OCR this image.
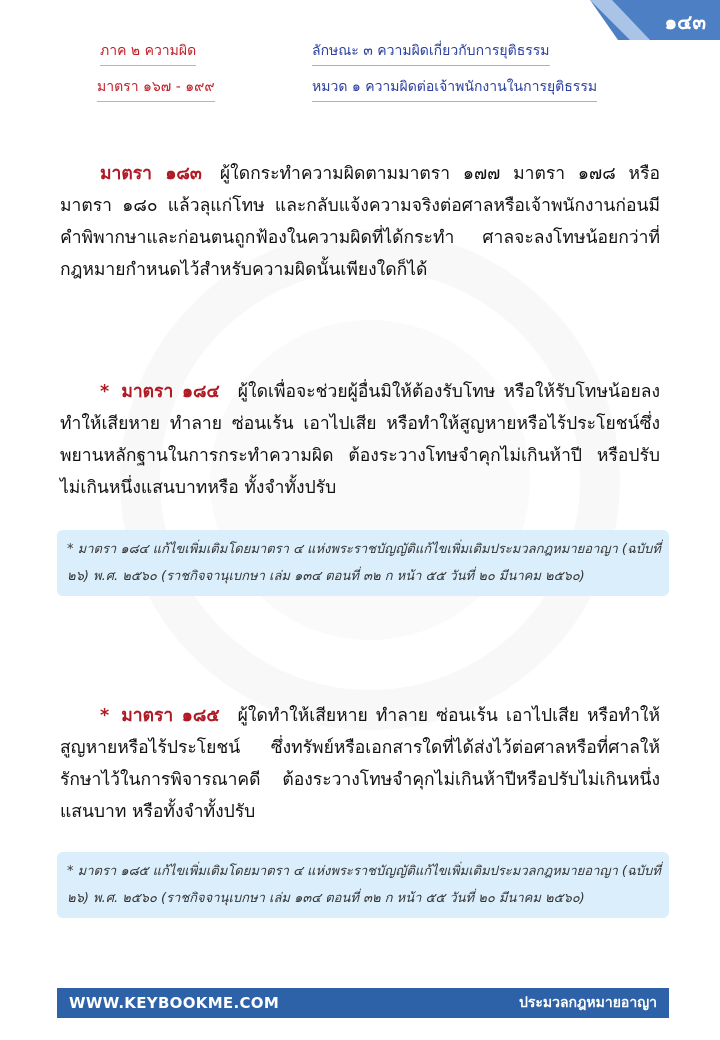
๑๔๓
ภาค ๒ ความผิด	ลักษณะ ๓ ความผิดเกี่ยวกับการยุติธรรม
มาตรา ๑๖๗ - ๑๙๙	หมวด ๑ ความผิดต่อเจ้าพนักงานในการยุติธรรม
มาตรา ๑๘๓ ผู้ใดกระทำความผิดตามมาตรา ๑๗๗ มาตรา ๑๗๘ หรือมาตรา ๑๘๐ แล้วลุแก่โทษ และกลับแจ้งความจริงต่อศาลหรือเจ้าพนักงานก่อนมีคำพิพากษาและก่อนตนถูกฟ้องในความผิดที่ได้กระทำ ศาลจะลงโทษน้อยกว่าที่กฎหมายกำหนดไว้สำหรับความผิดนั้นเพียงใดก็ได้
* มาตรา ๑๘๔ ผู้ใดเพื่อจะช่วยผู้อื่นมิให้ต้องรับโทษ หรือให้รับโทษน้อยลง ทำให้เสียหาย ทำลาย ซ่อนเร้น เอาไปเสีย หรือทำให้สูญหายหรือไร้ประโยชน์ซึ่งพยานหลักฐานในการกระทำความผิด ต้องระวางโทษจำคุกไม่เกินห้าปี หรือปรับไม่เกินหนึ่งแสนบาทหรือ ทั้งจำทั้งปรับ
* มาตรา ๑๘๔ แก้ไขเพิ่มเติมโดยมาตรา ๔ แห่งพระราชบัญญัติแก้ไขเพิ่มเติมประมวลกฎหมายอาญา (ฉบับที่ ๒๖) พ.ศ. ๒๕๖๐ (ราชกิจจานุเบกษา เล่ม ๑๓๔ ตอนที่ ๓๒ ก หน้า ๕๕ วันที่ ๒๐ มีนาคม ๒๕๖๐)
* มาตรา ๑๘๕ ผู้ใดทำให้เสียหาย ทำลาย ซ่อนเร้น เอาไปเสีย หรือทำให้สูญหายหรือไร้ประโยชน์ ซึ่งทรัพย์หรือเอกสารใดที่ได้ส่งไว้ต่อศาลหรือที่ศาลให้รักษาไว้ในการพิจารณาคดี ต้องระวางโทษจำคุกไม่เกินห้าปีหรือปรับไม่เกินหนึ่งแสนบาท หรือทั้งจำทั้งปรับ
* มาตรา ๑๘๕ แก้ไขเพิ่มเติมโดยมาตรา ๔ แห่งพระราชบัญญัติแก้ไขเพิ่มเติมประมวลกฎหมายอาญา (ฉบับที่ ๒๖) พ.ศ. ๒๕๖๐ (ราชกิจจานุเบกษา เล่ม ๑๓๔ ตอนที่ ๓๒ ก หน้า ๕๕ วันที่ ๒๐ มีนาคม ๒๕๖๐)
WWW.KEYBOOKME.COM	ประมวลกฎหมายอาญา
